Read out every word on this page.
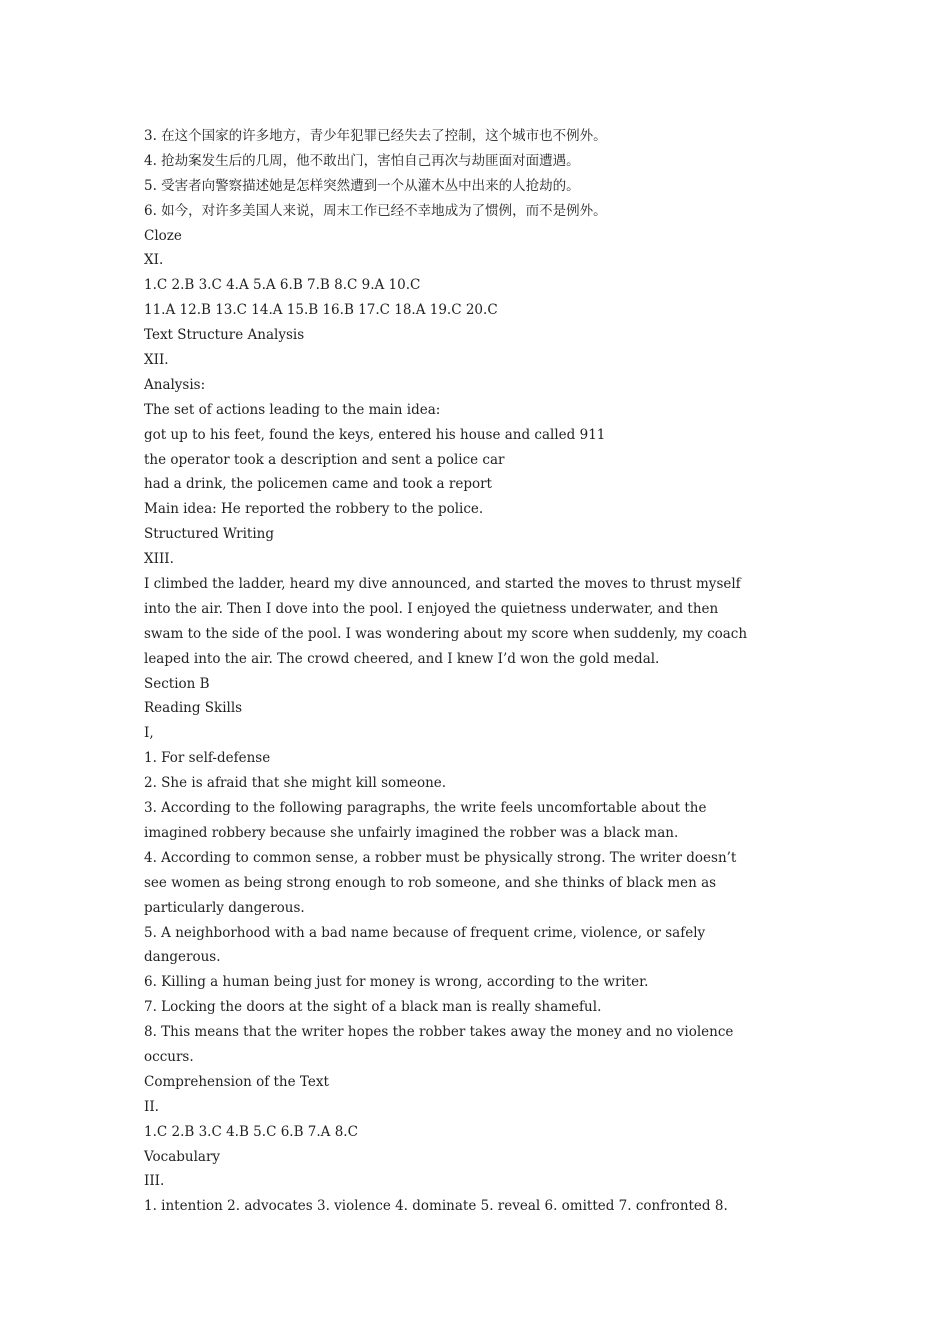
3. 在这个国家的许多地方，青少年犯罪已经失去了控制，这个城市也不例外。
4. 抢劫案发生后的几周，他不敢出门，害怕自己再次与劫匪面对面遭遇。
5. 受害者向警察描述她是怎样突然遭到一个从灌木丛中出来的人抢劫的。
6. 如今，对许多美国人来说，周末工作已经不幸地成为了惯例，而不是例外。
Cloze
XI.
1.C 2.B 3.C 4.A 5.A 6.B 7.B 8.C 9.A 10.C
11.A 12.B 13.C 14.A 15.B 16.B 17.C 18.A 19.C 20.C
Text Structure Analysis
XII.
Analysis:
The set of actions leading to the main idea:
got up to his feet, found the keys, entered his house and called 911
the operator took a description and sent a police car
had a drink, the policemen came and took a report
Main idea: He reported the robbery to the police.
Structured Writing
XIII.
I climbed the ladder, heard my dive announced, and started the moves to thrust myself
into the air. Then I dove into the pool. I enjoyed the quietness underwater, and then
swam to the side of the pool. I was wondering about my score when suddenly, my coach
leaped into the air. The crowd cheered, and I knew I’d won the gold medal.
Section B
Reading Skills
I,
1. For self-defense
2. She is afraid that she might kill someone.
3. According to the following paragraphs, the write feels uncomfortable about the
imagined robbery because she unfairly imagined the robber was a black man.
4. According to common sense, a robber must be physically strong. The writer doesn’t
see women as being strong enough to rob someone, and she thinks of black men as
particularly dangerous.
5. A neighborhood with a bad name because of frequent crime, violence, or safely
dangerous.
6. Killing a human being just for money is wrong, according to the writer.
7. Locking the doors at the sight of a black man is really shameful.
8. This means that the writer hopes the robber takes away the money and no violence
occurs.
Comprehension of the Text
II.
1.C 2.B 3.C 4.B 5.C 6.B 7.A 8.C
Vocabulary
III.
1. intention 2. advocates 3. violence 4. dominate 5. reveal 6. omitted 7. confronted 8.
